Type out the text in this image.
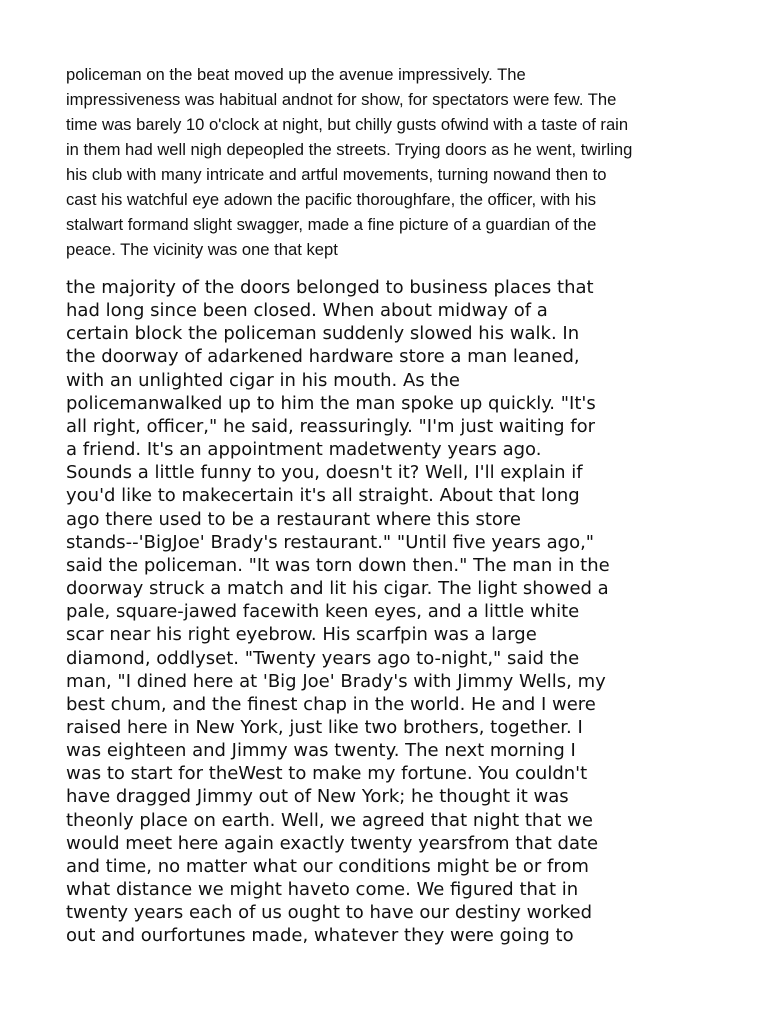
policeman on the beat moved up the avenue impressively. The
impressiveness was habitual andnot for show, for spectators were few. The
time was barely 10 o'clock at night, but chilly gusts ofwind with a taste of rain
in them had well nigh depeopled the streets. Trying doors as he went, twirling
his club with many intricate and artful movements, turning nowand then to
cast his watchful eye adown the pacific thoroughfare, the officer, with his
stalwart formand slight swagger, made a fine picture of a guardian of the
peace. The vicinity was one that kept

the majority of the doors belonged to business places that
had long since been closed. When about midway of a
certain block the policeman suddenly slowed his walk. In
the doorway of adarkened hardware store a man leaned,
with an unlighted cigar in his mouth. As the
policemanwalked up to him the man spoke up quickly. "It's
all right, officer," he said, reassuringly. "I'm just waiting for
a friend. It's an appointment madetwenty years ago.
Sounds a little funny to you, doesn't it? Well, I'll explain if
you'd like to makecertain it's all straight. About that long
ago there used to be a restaurant where this store
stands--'BigJoe' Brady's restaurant." "Until five years ago,"
said the policeman. "It was torn down then." The man in the
doorway struck a match and lit his cigar. The light showed a
pale, square-jawed facewith keen eyes, and a little white
scar near his right eyebrow. His scarfpin was a large
diamond, oddlyset. "Twenty years ago to-night," said the
man, "I dined here at 'Big Joe' Brady's with Jimmy Wells, my
best chum, and the finest chap in the world. He and I were
raised here in New York, just like two brothers, together. I
was eighteen and Jimmy was twenty. The next morning I
was to start for theWest to make my fortune. You couldn't
have dragged Jimmy out of New York; he thought it was
theonly place on earth. Well, we agreed that night that we
would meet here again exactly twenty yearsfrom that date
and time, no matter what our conditions might be or from
what distance we might haveto come. We figured that in
twenty years each of us ought to have our destiny worked
out and ourfortunes made, whatever they were going to
